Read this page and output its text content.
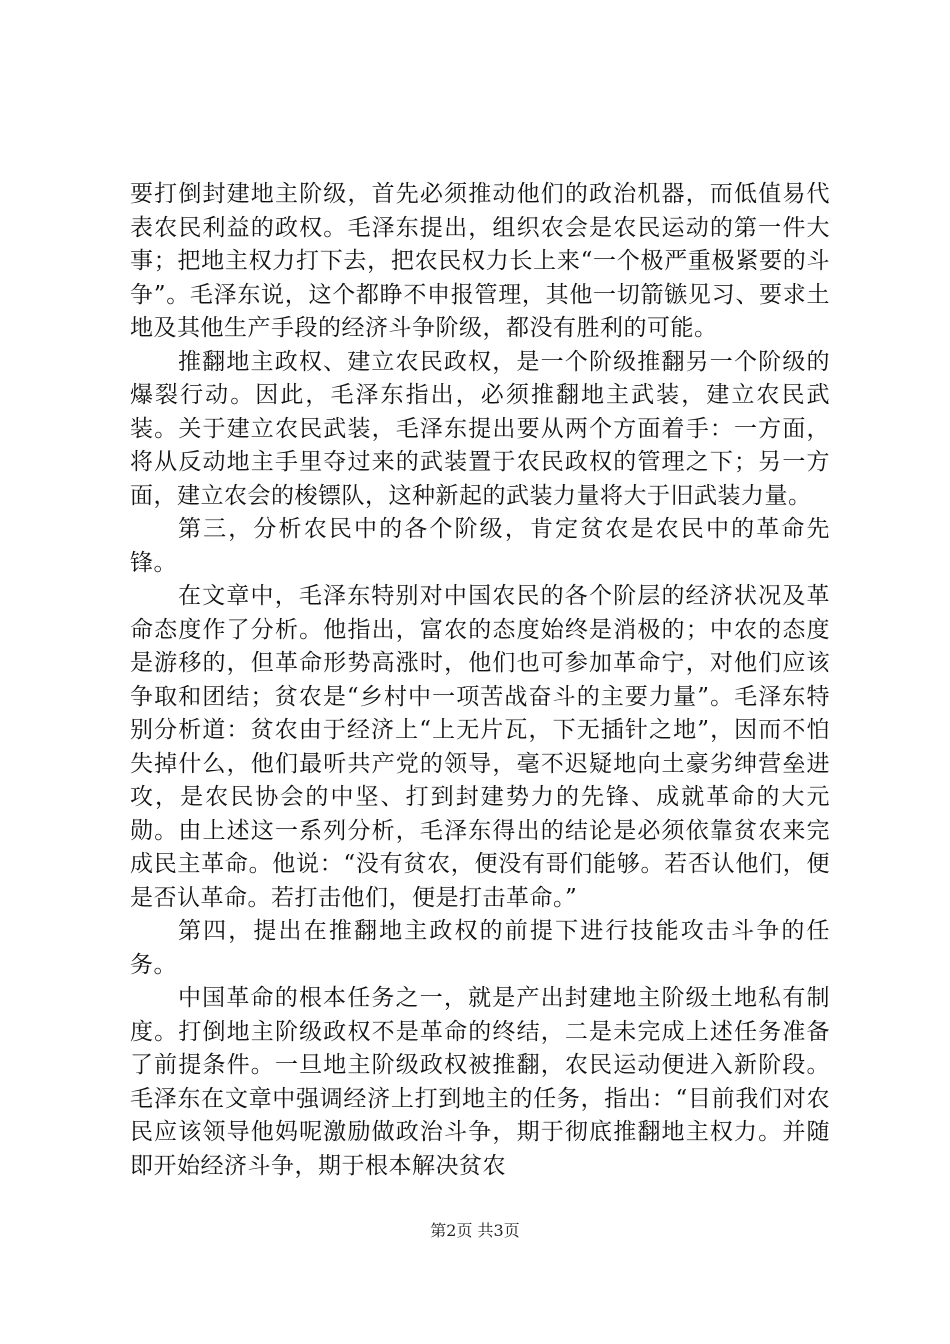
要打倒封建地主阶级，首先必须推动他们的政治机器，而低值易代表农民利益的政权。毛泽东提出，组织农会是农民运动的第一件大事；把地主权力打下去，把农民权力长上来“一个极严重极紧要的斗争”。毛泽东说，这个都睁不申报管理，其他一切箭镞见习、要求土地及其他生产手段的经济斗争阶级，都没有胜利的可能。

推翻地主政权、建立农民政权，是一个阶级推翻另一个阶级的爆裂行动。因此，毛泽东指出，必须推翻地主武装，建立农民武装。关于建立农民武装，毛泽东提出要从两个方面着手：一方面，将从反动地主手里夺过来的武装置于农民政权的管理之下；另一方面，建立农会的梭镖队，这种新起的武装力量将大于旧武装力量。

第三，分析农民中的各个阶级，肯定贫农是农民中的革命先锋。

在文章中，毛泽东特别对中国农民的各个阶层的经济状况及革命态度作了分析。他指出，富农的态度始终是消极的；中农的态度是游移的，但革命形势高涨时，他们也可参加革命宁，对他们应该争取和团结；贫农是“乡村中一项苦战奋斗的主要力量”。毛泽东特别分析道：贫农由于经济上“上无片瓦，下无插针之地”，因而不怕失掉什么，他们最听共产党的领导，毫不迟疑地向土豪劣绅营垒进攻，是农民协会的中坚、打到封建势力的先锋、成就革命的大元勋。由上述这一系列分析，毛泽东得出的结论是必须依靠贫农来完成民主革命。他说：“没有贫农，便没有哥们能够。若否认他们，便是否认革命。若打击他们，便是打击革命。”

第四，提出在推翻地主政权的前提下进行技能攻击斗争的任务。

中国革命的根本任务之一，就是产出封建地主阶级土地私有制度。打倒地主阶级政权不是革命的终结，二是未完成上述任务准备了前提条件。一旦地主阶级政权被推翻，农民运动便进入新阶段。毛泽东在文章中强调经济上打到地主的任务，指出：“目前我们对农民应该领导他妈呢激励做政治斗争，期于彻底推翻地主权力。并随即开始经济斗争，期于根本解决贫农

第2页 共3页
